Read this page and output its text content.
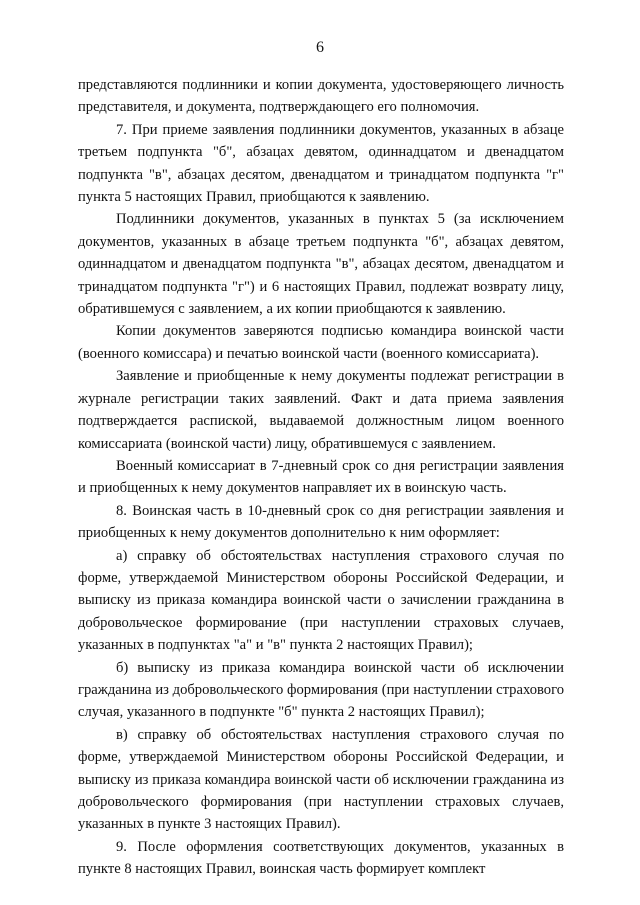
6

представляются подлинники и копии документа, удостоверяющего личность представителя, и документа, подтверждающего его полномочия.

7. При приеме заявления подлинники документов, указанных в абзаце третьем подпункта "б", абзацах девятом, одиннадцатом и двенадцатом подпункта "в", абзацах десятом, двенадцатом и тринадцатом подпункта "г" пункта 5 настоящих Правил, приобщаются к заявлению.

Подлинники документов, указанных в пунктах 5 (за исключением документов, указанных в абзаце третьем подпункта "б", абзацах девятом, одиннадцатом и двенадцатом подпункта "в", абзацах десятом, двенадцатом и тринадцатом подпункта "г") и 6 настоящих Правил, подлежат возврату лицу, обратившемуся с заявлением, а их копии приобщаются к заявлению.

Копии документов заверяются подписью командира воинской части (военного комиссара) и печатью воинской части (военного комиссариата).

Заявление и приобщенные к нему документы подлежат регистрации в журнале регистрации таких заявлений. Факт и дата приема заявления подтверждается распиской, выдаваемой должностным лицом военного комиссариата (воинской части) лицу, обратившемуся с заявлением.

Военный комиссариат в 7-дневный срок со дня регистрации заявления и приобщенных к нему документов направляет их в воинскую часть.

8. Воинская часть в 10-дневный срок со дня регистрации заявления и приобщенных к нему документов дополнительно к ним оформляет:

а) справку об обстоятельствах наступления страхового случая по форме, утверждаемой Министерством обороны Российской Федерации, и выписку из приказа командира воинской части о зачислении гражданина в добровольческое формирование (при наступлении страховых случаев, указанных в подпунктах "а" и "в" пункта 2 настоящих Правил);

б) выписку из приказа командира воинской части об исключении гражданина из добровольческого формирования (при наступлении страхового случая, указанного в подпункте "б" пункта 2 настоящих Правил);

в) справку об обстоятельствах наступления страхового случая по форме, утверждаемой Министерством обороны Российской Федерации, и выписку из приказа командира воинской части об исключении гражданина из добровольческого формирования (при наступлении страховых случаев, указанных в пункте 3 настоящих Правил).

9. После оформления соответствующих документов, указанных в пункте 8 настоящих Правил, воинская часть формирует комплект
